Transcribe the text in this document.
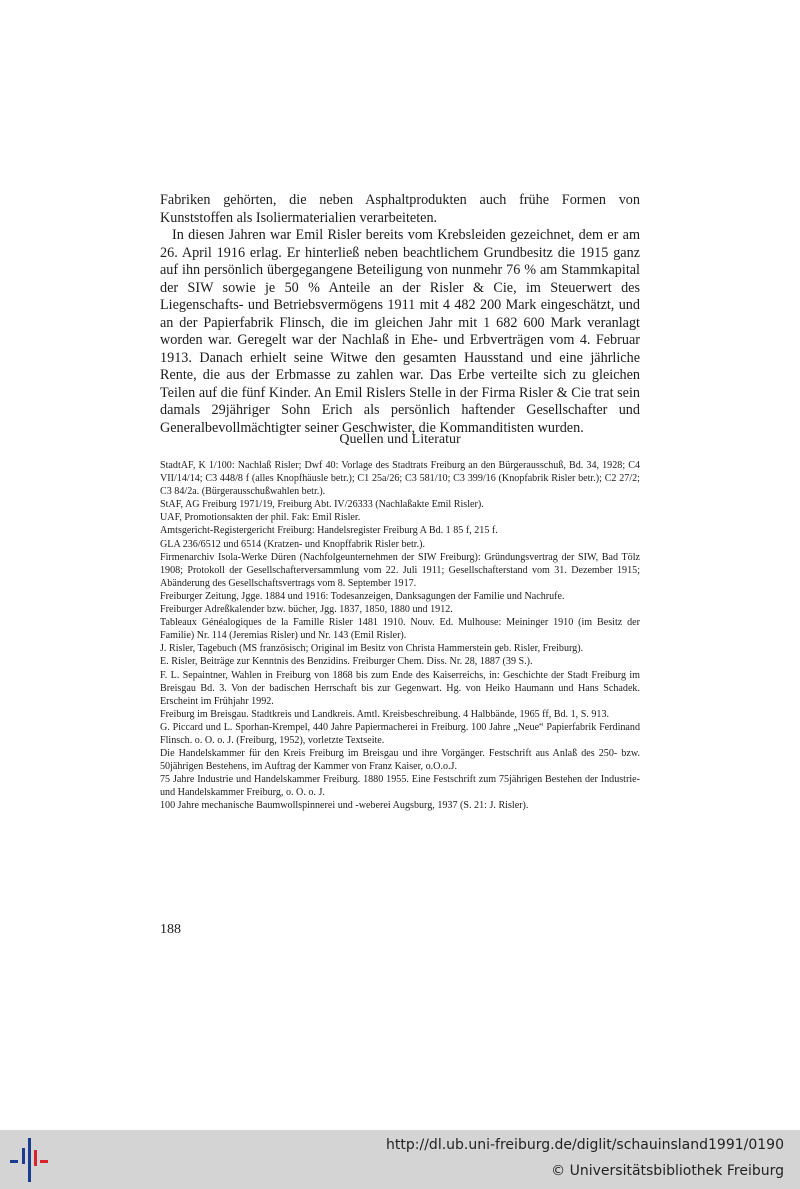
Fabriken gehörten, die neben Asphaltprodukten auch frühe Formen von Kunststoffen als Isoliermaterialien verarbeiteten.

In diesen Jahren war Emil Risler bereits vom Krebsleiden gezeichnet, dem er am 26. April 1916 erlag. Er hinterließ neben beachtlichem Grundbesitz die 1915 ganz auf ihn persönlich übergegangene Beteiligung von nunmehr 76 % am Stammkapital der SIW sowie je 50 % Anteile an der Risler & Cie, im Steuerwert des Liegenschafts- und Betriebsvermögens 1911 mit 4 482 200 Mark eingeschätzt, und an der Papierfabrik Flinsch, die im gleichen Jahr mit 1 682 600 Mark veranlagt worden war. Geregelt war der Nachlaß in Ehe- und Erbverträgen vom 4. Februar 1913. Danach erhielt seine Witwe den gesamten Hausstand und eine jährliche Rente, die aus der Erbmasse zu zahlen war. Das Erbe verteilte sich zu gleichen Teilen auf die fünf Kinder. An Emil Rislers Stelle in der Firma Risler & Cie trat sein damals 29jähriger Sohn Erich als persönlich haftender Gesellschafter und Generalbevollmächtigter seiner Geschwister, die Kommanditisten wurden.

Quellen und Literatur
StadtAF, K 1/100: Nachlaß Risler; Dwf 40: Vorlage des Stadtrats Freiburg an den Bürgerausschuß, Bd. 34, 1928; C4 VII/14/14; C3 448/8 f (alles Knopfhäusle betr.); C1 25a/26; C3 581/10; C3 399/16 (Knopfabrik Risler betr.); C2 27/2; C3 84/2a. (Bürgerausschußwahlen betr.).
StAF, AG Freiburg 1971/19, Freiburg Abt. IV/26333 (Nachlaßakte Emil Risler).
UAF, Promotionsakten der phil. Fak: Emil Risler.
Amtsgericht-Registergericht Freiburg: Handelsregister Freiburg A Bd. 1 85 f, 215 f.
GLA 236/6512 und 6514 (Kratzen- und Knopffabrik Risler betr.).
Firmenarchiv Isola-Werke Düren (Nachfolgeunternehmen der SIW Freiburg): Gründungsvertrag der SIW, Bad Tölz 1908; Protokoll der Gesellschafterversammlung vom 22. Juli 1911; Gesellschafterstand vom 31. Dezember 1915; Abänderung des Gesellschaftsvertrags vom 8. September 1917.
Freiburger Zeitung, Jgge. 1884 und 1916: Todesanzeigen, Danksagungen der Familie und Nachrufe.
Freiburger Adreßkalender bzw. bücher, Jgg. 1837, 1850, 1880 und 1912.
Tableaux Généalogiques de la Famille Risler 1481 1910. Nouv. Ed. Mulhouse: Meininger 1910 (im Besitz der Familie) Nr. 114 (Jeremias Risler) und Nr. 143 (Emil Risler).
J. Risler, Tagebuch (MS französisch; Original im Besitz von Christa Hammerstein geb. Risler, Freiburg).
E. Risler, Beiträge zur Kenntnis des Benzidins. Freiburger Chem. Diss. Nr. 28, 1887 (39 S.).
F. L. Sepaintner, Wahlen in Freiburg von 1868 bis zum Ende des Kaiserreichs, in: Geschichte der Stadt Freiburg im Breisgau Bd. 3. Von der badischen Herrschaft bis zur Gegenwart. Hg. von Heiko Haumann und Hans Schadek. Erscheint im Frühjahr 1992.
Freiburg im Breisgau. Stadtkreis und Landkreis. Amtl. Kreisbeschreibung. 4 Halbbände, 1965 ff, Bd. 1, S. 913.
G. Piccard und L. Sporhan-Krempel, 440 Jahre Papiermacherei in Freiburg. 100 Jahre „Neue“ Papierfabrik Ferdinand Flinsch. o. O. o. J. (Freiburg, 1952), vorletzte Textseite.
Die Handelskammer für den Kreis Freiburg im Breisgau und ihre Vorgänger. Festschrift aus Anlaß des 250- bzw. 50jährigen Bestehens, im Auftrag der Kammer von Franz Kaiser, o.O.o.J.
75 Jahre Industrie und Handelskammer Freiburg. 1880 1955. Eine Festschrift zum 75jährigen Bestehen der Industrie- und Handelskammer Freiburg, o. O. o. J.
100 Jahre mechanische Baumwollspinnerei und -weberei Augsburg, 1937 (S. 21: J. Risler).
188
http://dl.ub.uni-freiburg.de/diglit/schauinsland1991/0190
© Universitätsbibliothek Freiburg
